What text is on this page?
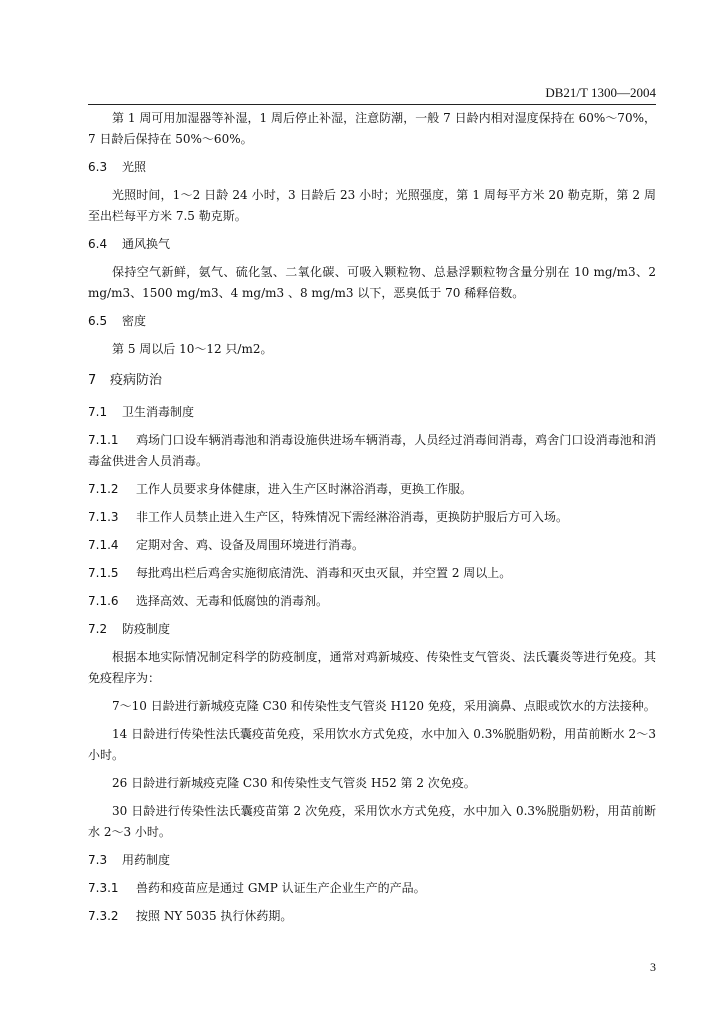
DB21/T 1300—2004

第 1 周可用加湿器等补湿，1 周后停止补湿，注意防潮，一般 7 日龄内相对湿度保持在 60%～70%，7 日龄后保持在 50%～60%。

6.3 光照

光照时间，1～2 日龄 24 小时，3 日龄后 23 小时；光照强度，第 1 周每平方米 20 勒克斯，第 2 周至出栏每平方米 7.5 勒克斯。

6.4 通风换气

保持空气新鲜，氨气、硫化氢、二氧化碳、可吸入颗粒物、总悬浮颗粒物含量分别在 10 mg/m3、2 mg/m3、1500 mg/m3、4 mg/m3 、8 mg/m3 以下，恶臭低于 70 稀释倍数。

6.5 密度

第 5 周以后 10～12 只/m2。

7 疫病防治
7.1 卫生消毒制度
7.1.1 鸡场门口设车辆消毒池和消毒设施供进场车辆消毒，人员经过消毒间消毒，鸡舍门口设消毒池和消毒盆供进舍人员消毒。
7.1.2 工作人员要求身体健康，进入生产区时淋浴消毒，更换工作服。
7.1.3 非工作人员禁止进入生产区，特殊情况下需经淋浴消毒，更换防护服后方可入场。
7.1.4 定期对舍、鸡、设备及周围环境进行消毒。
7.1.5 每批鸡出栏后鸡舍实施彻底清洗、消毒和灭虫灭鼠，并空置 2 周以上。
7.1.6 选择高效、无毒和低腐蚀的消毒剂。
7.2 防疫制度

根据本地实际情况制定科学的防疫制度，通常对鸡新城疫、传染性支气管炎、法氏囊炎等进行免疫。其免疫程序为：

7～10 日龄进行新城疫克隆 C30 和传染性支气管炎 H120 免疫，采用滴鼻、点眼或饮水的方法接种。

14 日龄进行传染性法氏囊疫苗免疫，采用饮水方式免疫，水中加入 0.3%脱脂奶粉，用苗前断水 2～3 小时。

26 日龄进行新城疫克隆 C30 和传染性支气管炎 H52 第 2 次免疫。

30 日龄进行传染性法氏囊疫苗第 2 次免疫，采用饮水方式免疫，水中加入 0.3%脱脂奶粉，用苗前断水 2～3 小时。

7.3 用药制度
7.3.1 兽药和疫苗应是通过 GMP 认证生产企业生产的产品。
7.3.2 按照 NY 5035 执行休药期。
3
